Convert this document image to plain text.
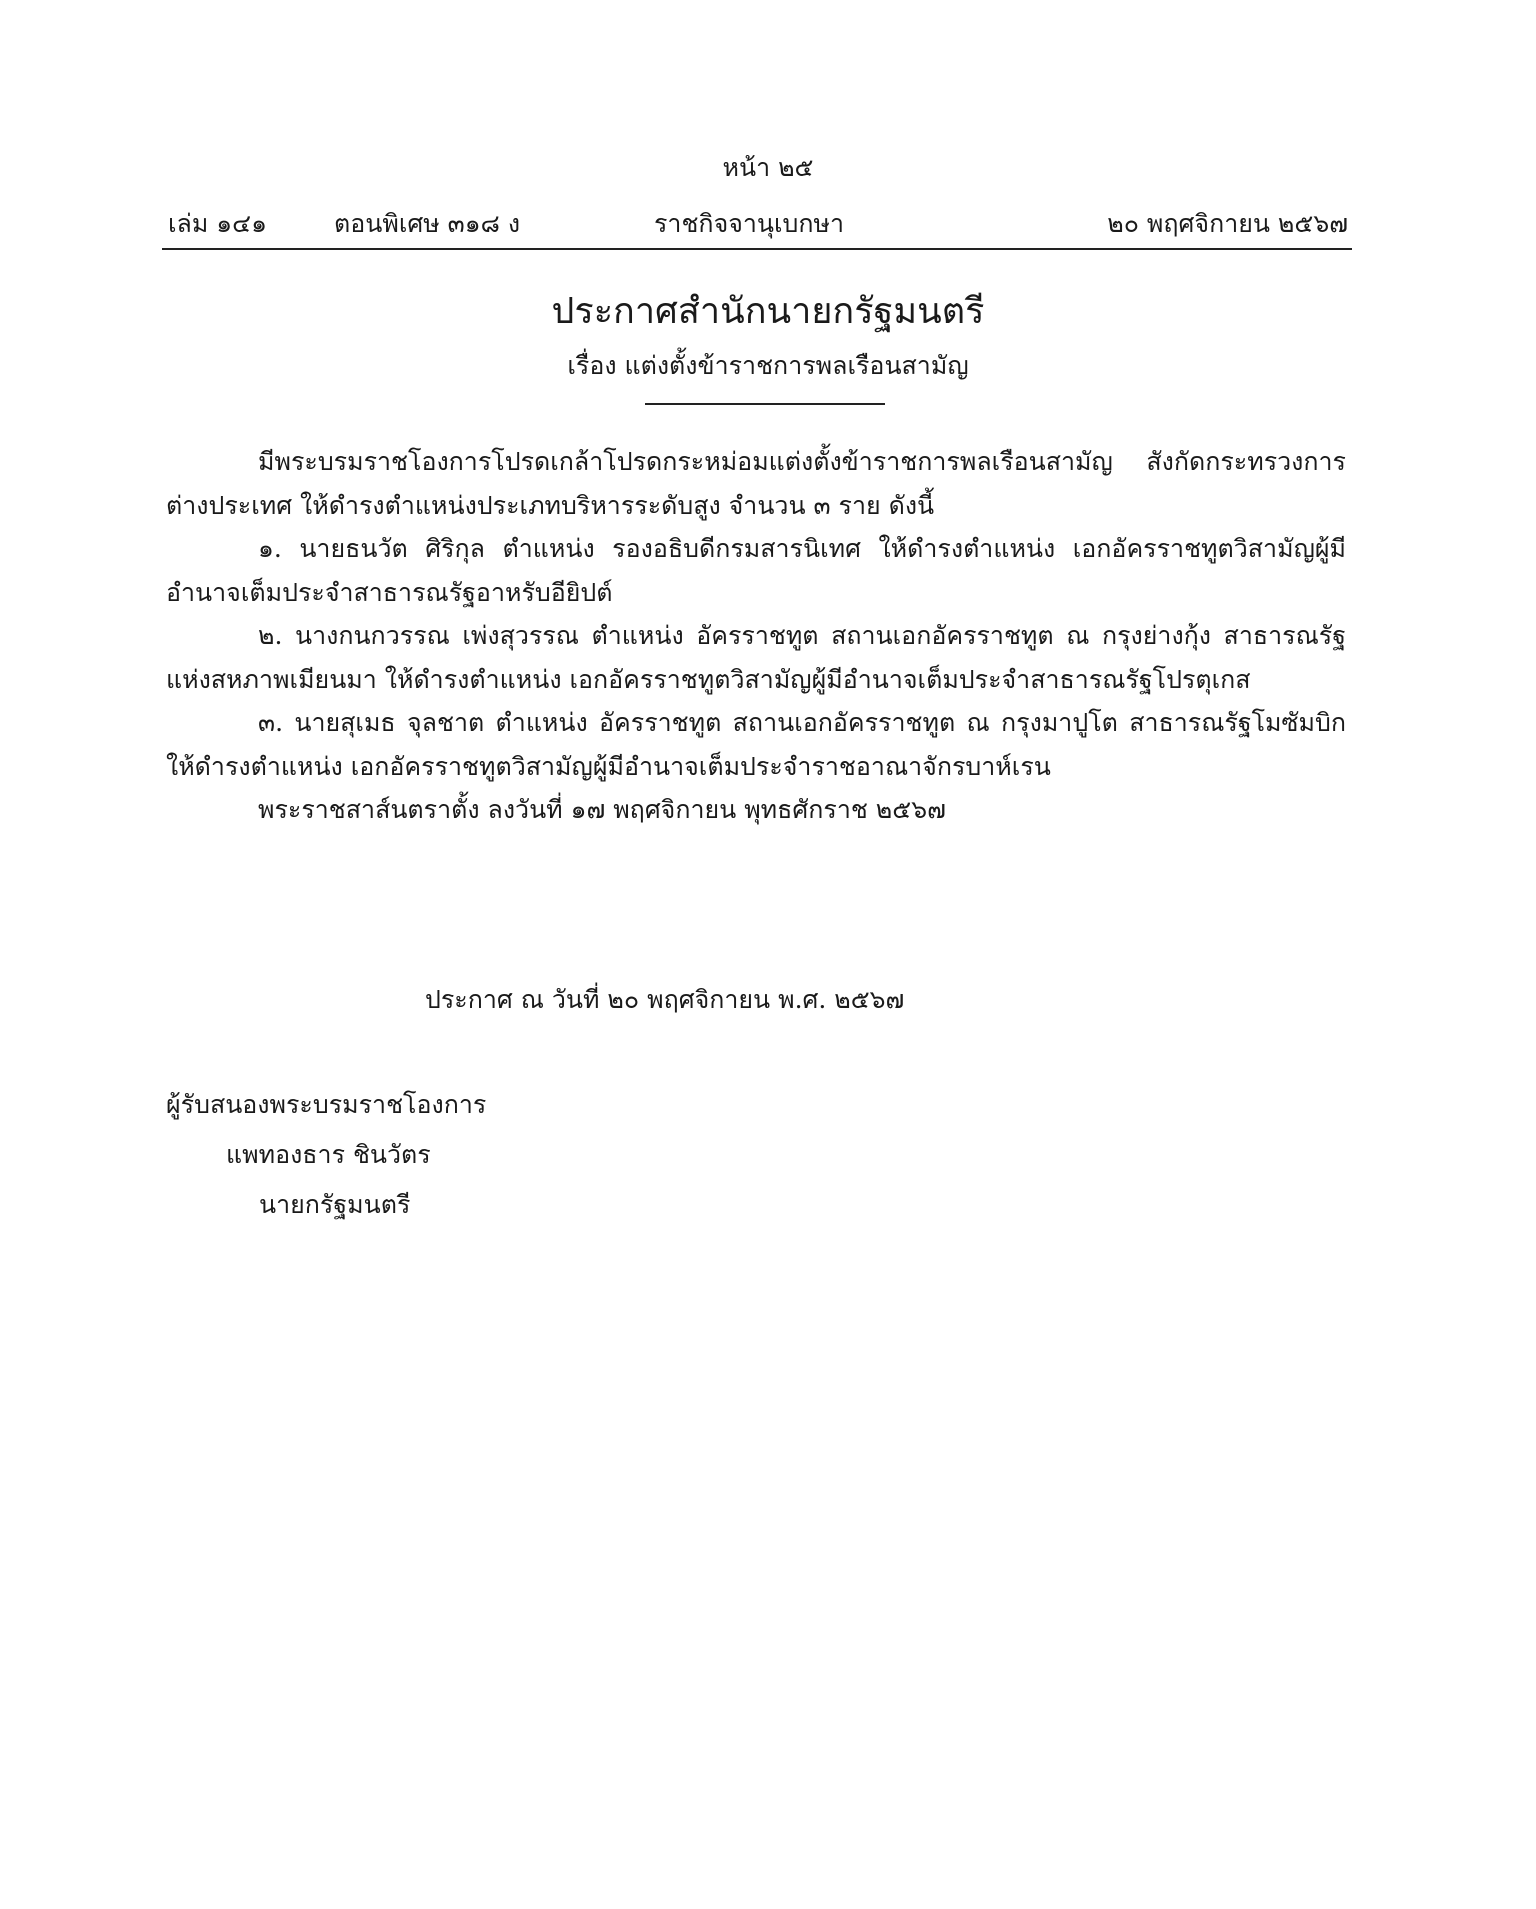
หน้า ๒๕
เล่ม ๑๔๑	ตอนพิเศษ ๓๑๘ ง	ราชกิจจานุเบกษา	๒๐ พฤศจิกายน ๒๕๖๗
ประกาศสำนักนายกรัฐมนตรี
เรื่อง แต่งตั้งข้าราชการพลเรือนสามัญ

มีพระบรมราชโองการโปรดเกล้าโปรดกระหม่อมแต่งตั้งข้าราชการพลเรือนสามัญ สังกัดกระทรวงการต่างประเทศ ให้ดำรงตำแหน่งประเภทบริหารระดับสูง จำนวน ๓ ราย ดังนี้

๑. นายธนวัต ศิริกุล ตำแหน่ง รองอธิบดีกรมสารนิเทศ ให้ดำรงตำแหน่ง เอกอัครราชทูตวิสามัญผู้มีอำนาจเต็มประจำสาธารณรัฐอาหรับอียิปต์

๒. นางกนกวรรณ เพ่งสุวรรณ ตำแหน่ง อัครราชทูต สถานเอกอัครราชทูต ณ กรุงย่างกุ้ง สาธารณรัฐแห่งสหภาพเมียนมา ให้ดำรงตำแหน่ง เอกอัครราชทูตวิสามัญผู้มีอำนาจเต็มประจำสาธารณรัฐโปรตุเกส

๓. นายสุเมธ จุลชาต ตำแหน่ง อัครราชทูต สถานเอกอัครราชทูต ณ กรุงมาปูโต สาธารณรัฐโมซัมบิก ให้ดำรงตำแหน่ง เอกอัครราชทูตวิสามัญผู้มีอำนาจเต็มประจำราชอาณาจักรบาห์เรน

พระราชสาส์นตราตั้ง ลงวันที่ ๑๗ พฤศจิกายน พุทธศักราช ๒๕๖๗

ประกาศ ณ วันที่ ๒๐ พฤศจิกายน พ.ศ. ๒๕๖๗
ผู้รับสนองพระบรมราชโองการ
แพทองธาร ชินวัตร
นายกรัฐมนตรี
